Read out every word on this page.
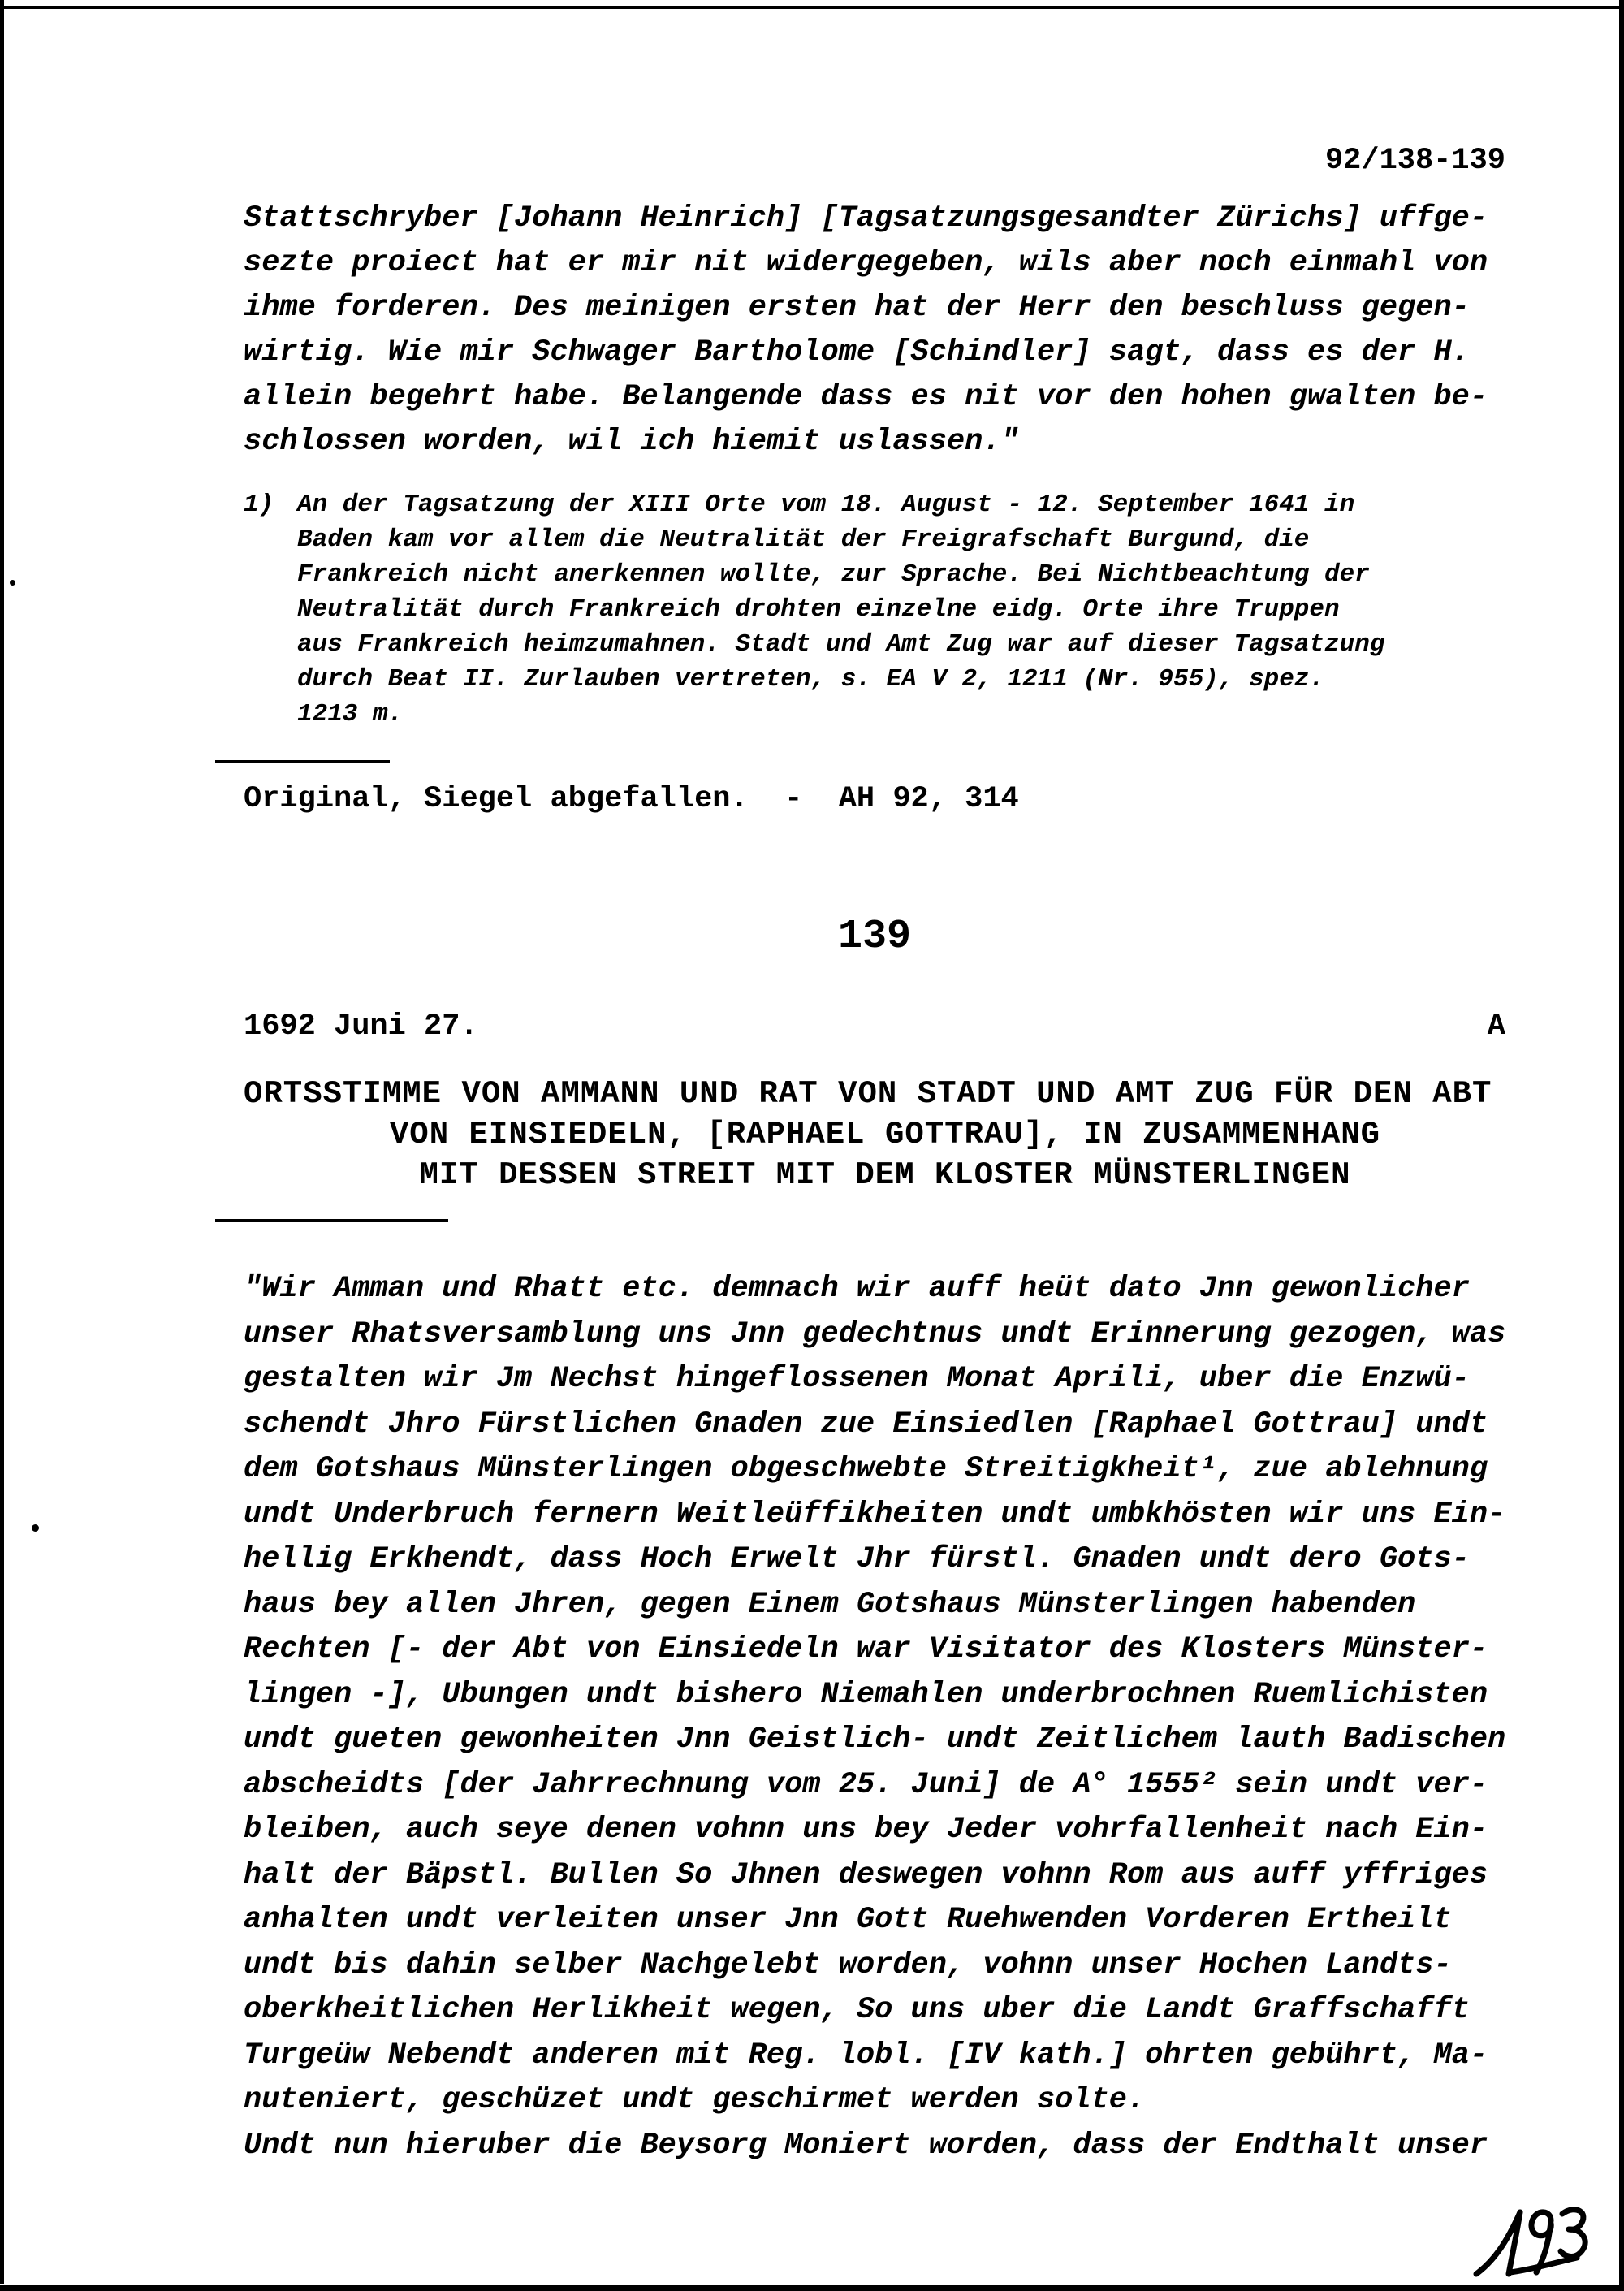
92/138-139
Stattschryber [Johann Heinrich] [Tagsatzungsgesandter Zürichs] uffge-
sezte proiect hat er mir nit widergegeben, wils aber noch einmahl von
ihme forderen. Des meinigen ersten hat der Herr den beschluss gegen-
wirtig. Wie mir Schwager Bartholome [Schindler] sagt, dass es der H.
allein begehrt habe. Belangende dass es nit vor den hohen gwalten be-
schlossen worden, wil ich hiemit uslassen."
1) An der Tagsatzung der XIII Orte vom 18. August - 12. September 1641 in
Baden kam vor allem die Neutralität der Freigrafschaft Burgund, die
Frankreich nicht anerkennen wollte, zur Sprache. Bei Nichtbeachtung der
Neutralität durch Frankreich drohten einzelne eidg. Orte ihre Truppen
aus Frankreich heimzumahnen. Stadt und Amt Zug war auf dieser Tagsatzung
durch Beat II. Zurlauben vertreten, s. EA V 2, 1211 (Nr. 955), spez.
1213 m.
Original, Siegel abgefallen.  -  AH 92, 314
139
1692 Juni 27.	A
ORTSSTIMME VON AMMANN UND RAT VON STADT UND AMT ZUG FÜR DEN ABT
VON EINSIEDELN, [RAPHAEL GOTTRAU], IN ZUSAMMENHANG
MIT DESSEN STREIT MIT DEM KLOSTER MÜNSTERLINGEN
"Wir Amman und Rhatt etc. demnach wir auff heüt dato Jnn gewonlicher
unser Rhatsversamblung uns Jnn gedechtnus undt Erinnerung gezogen, was
gestalten wir Jm Nechst hingeflossenen Monat Aprili, uber die Enzwü-
schendt Jhro Fürstlichen Gnaden zue Einsiedlen [Raphael Gottrau] undt
dem Gotshaus Münsterlingen obgeschwebte Streitigkheit¹, zue ablehnung
undt Underbruch fernern Weitleüffikheiten undt umbkhösten wir uns Ein-
hellig Erkhendt, dass Hoch Erwelt Jhr fürstl. Gnaden undt dero Gots-
haus bey allen Jhren, gegen Einem Gotshaus Münsterlingen habenden
Rechten [- der Abt von Einsiedeln war Visitator des Klosters Münster-
lingen -], Ubungen undt bishero Niemahlen underbrochnen Ruemlichisten
undt gueten gewonheiten Jnn Geistlich- undt Zeitlichem lauth Badischen
abscheidts [der Jahrrechnung vom 25. Juni] de A° 1555² sein undt ver-
bleiben, auch seye denen vohnn uns bey Jeder vohrfallenheit nach Ein-
halt der Bäpstl. Bullen So Jhnen deswegen vohnn Rom aus auff yffriges
anhalten undt verleiten unser Jnn Gott Ruehwenden Vorderen Ertheilt
undt bis dahin selber Nachgelebt worden, vohnn unser Hochen Landts-
oberkheitlichen Herlikheit wegen, So uns uber die Landt Graffschafft
Turgeüw Nebendt anderen mit Reg. lobl. [IV kath.] ohrten gebührt, Ma-
nuteniert, geschüzet undt geschirmet werden solte.
Undt nun hieruber die Beysorg Moniert worden, dass der Endthalt unser
